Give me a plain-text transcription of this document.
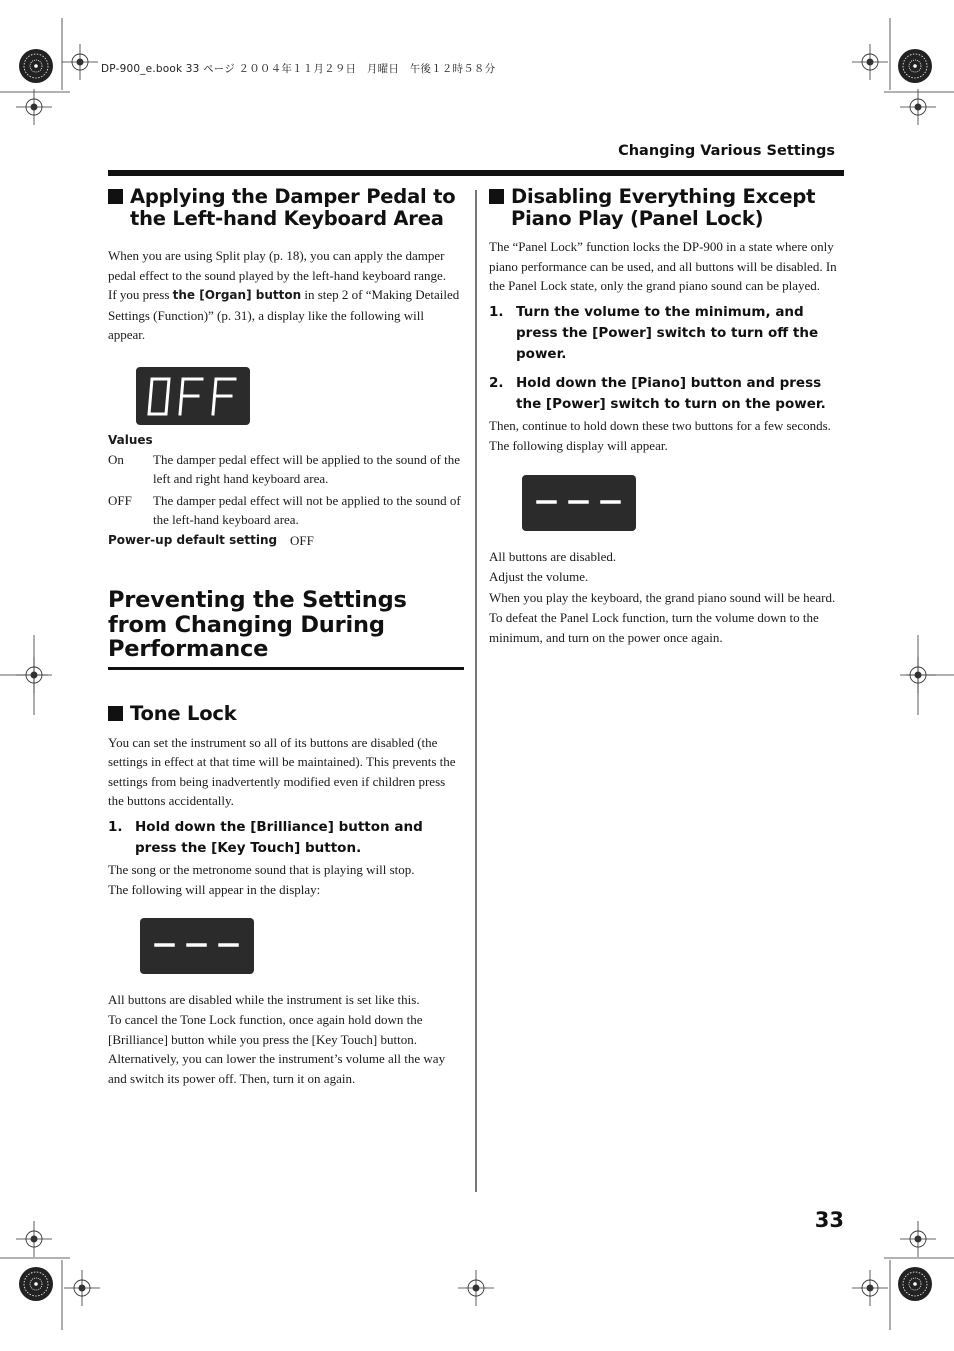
DP-900_e.book 33 ページ ２００４年１１月２９日　月曜日　午後１２時５８分
Changing Various Settings
Applying the Damper Pedal to the Left-hand Keyboard Area

When you are using Split play (p. 18), you can apply the damper pedal effect to the sound played by the left-hand keyboard range.

If you press the [Organ] button in step 2 of “Making Detailed Settings (Function)” (p. 31), a display like the following will appear.

Values
On	The damper pedal effect will be applied to the sound of the left and right hand keyboard area.
OFF	The damper pedal effect will not be applied to the sound of the left-hand keyboard area.
Power-up default setting OFF
Preventing the Settings from Changing During Performance
Tone Lock

You can set the instrument so all of its buttons are disabled (the settings in effect at that time will be maintained). This prevents the settings from being inadvertently modified even if children press the buttons accidentally.

1. Hold down the [Brilliance] button and press the [Key Touch] button.

The song or the metronome sound that is playing will stop.

The following will appear in the display:

All buttons are disabled while the instrument is set like this.

To cancel the Tone Lock function, once again hold down the [Brilliance] button while you press the [Key Touch] button. Alternatively, you can lower the instrument’s volume all the way and switch its power off. Then, turn it on again.

Disabling Everything Except Piano Play (Panel Lock)

The “Panel Lock” function locks the DP-900 in a state where only piano performance can be used, and all buttons will be disabled. In the Panel Lock state, only the grand piano sound can be played.

1. Turn the volume to the minimum, and press the [Power] switch to turn off the power.
2. Hold down the [Piano] button and press the [Power] switch to turn on the power.

Then, continue to hold down these two buttons for a few seconds.

The following display will appear.

All buttons are disabled.

Adjust the volume.

When you play the keyboard, the grand piano sound will be heard.

To defeat the Panel Lock function, turn the volume down to the minimum, and turn on the power once again.

33
